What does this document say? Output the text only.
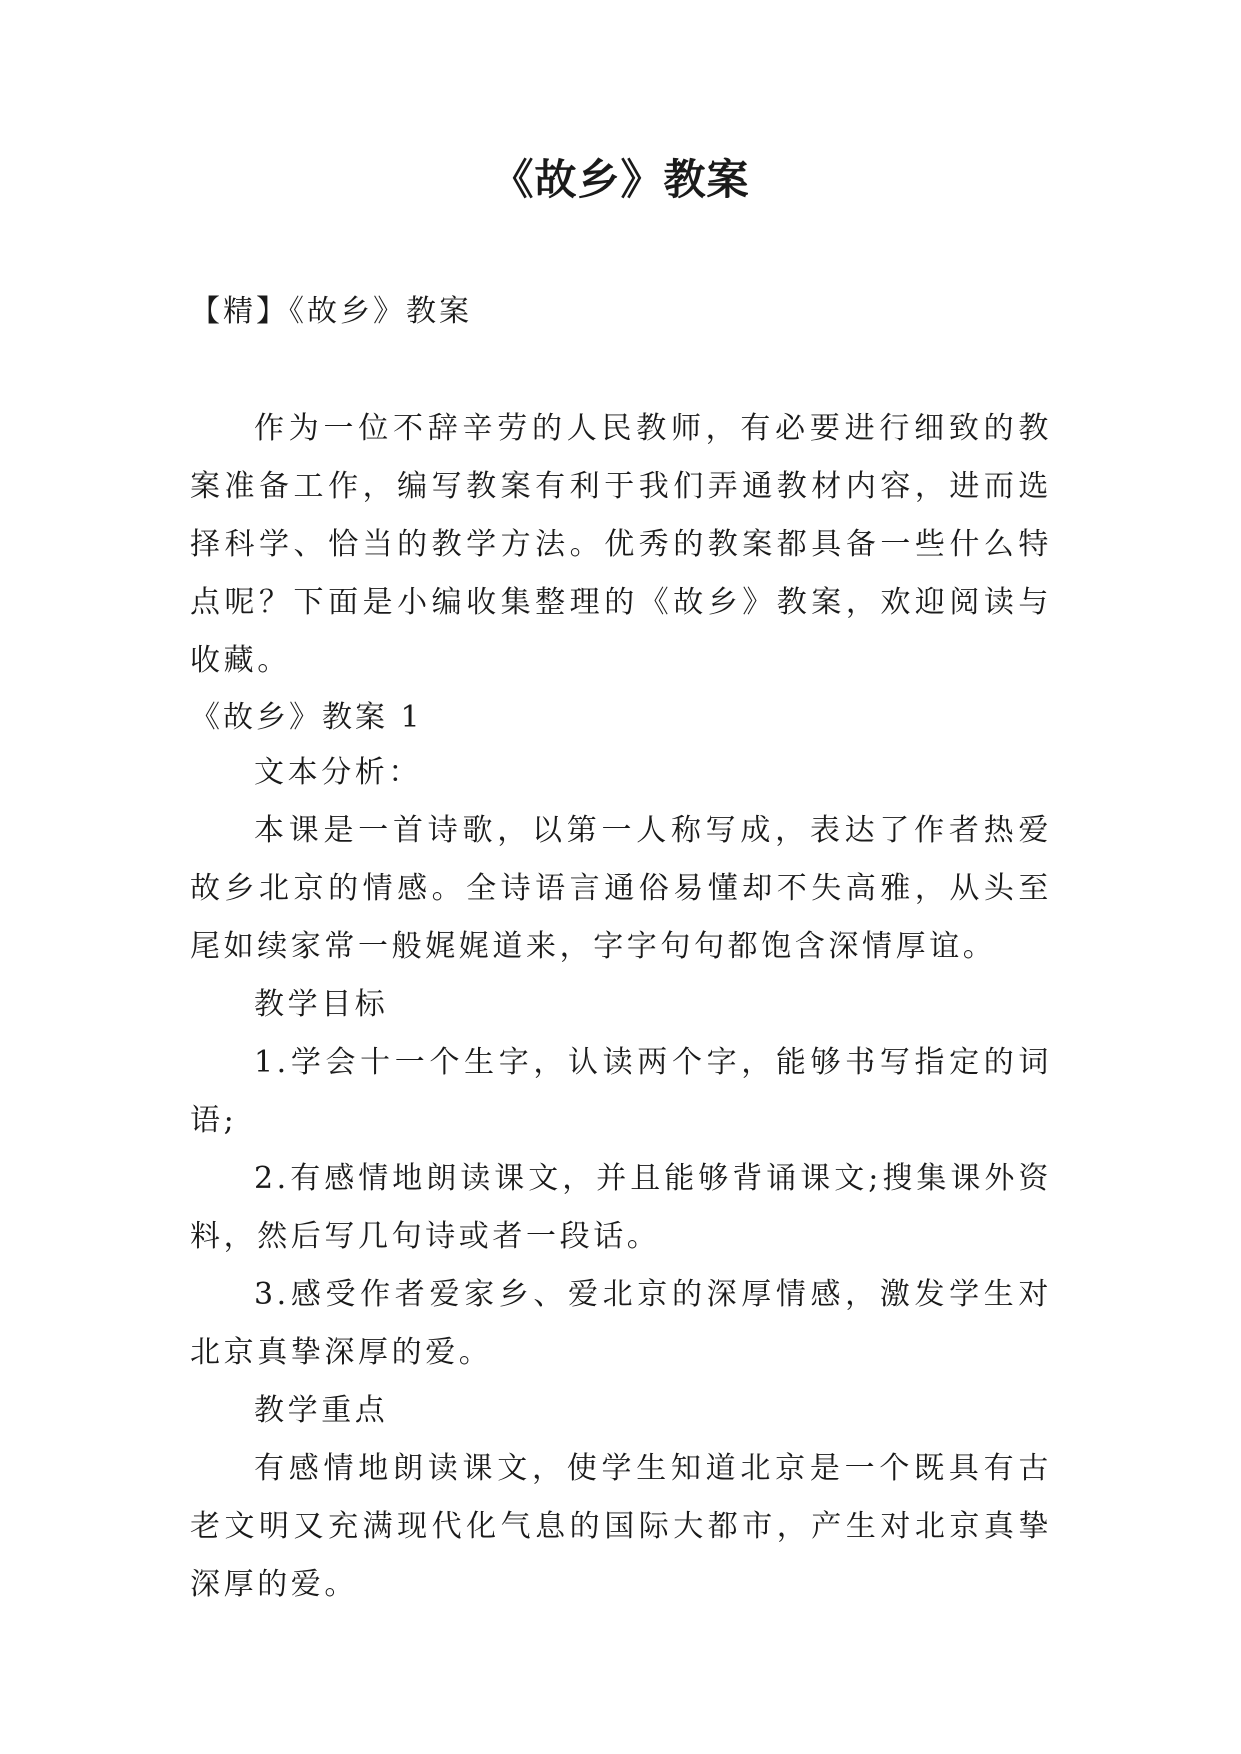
《故乡》教案

【精】《故乡》教案

作为一位不辞辛劳的人民教师，有必要进行细致的教案准备工作，编写教案有利于我们弄通教材内容，进而选择科学、恰当的教学方法。优秀的教案都具备一些什么特点呢？下面是小编收集整理的《故乡》教案，欢迎阅读与收藏。

《故乡》教案 1

文本分析：

本课是一首诗歌，以第一人称写成，表达了作者热爱故乡北京的情感。全诗语言通俗易懂却不失高雅，从头至尾如续家常一般娓娓道来，字字句句都饱含深情厚谊。

教学目标

1.学会十一个生字，认读两个字，能够书写指定的词语;

2.有感情地朗读课文，并且能够背诵课文;搜集课外资料，然后写几句诗或者一段话。

3.感受作者爱家乡、爱北京的深厚情感，激发学生对北京真挚深厚的爱。

教学重点

有感情地朗读课文，使学生知道北京是一个既具有古老文明又充满现代化气息的国际大都市，产生对北京真挚深厚的爱。
